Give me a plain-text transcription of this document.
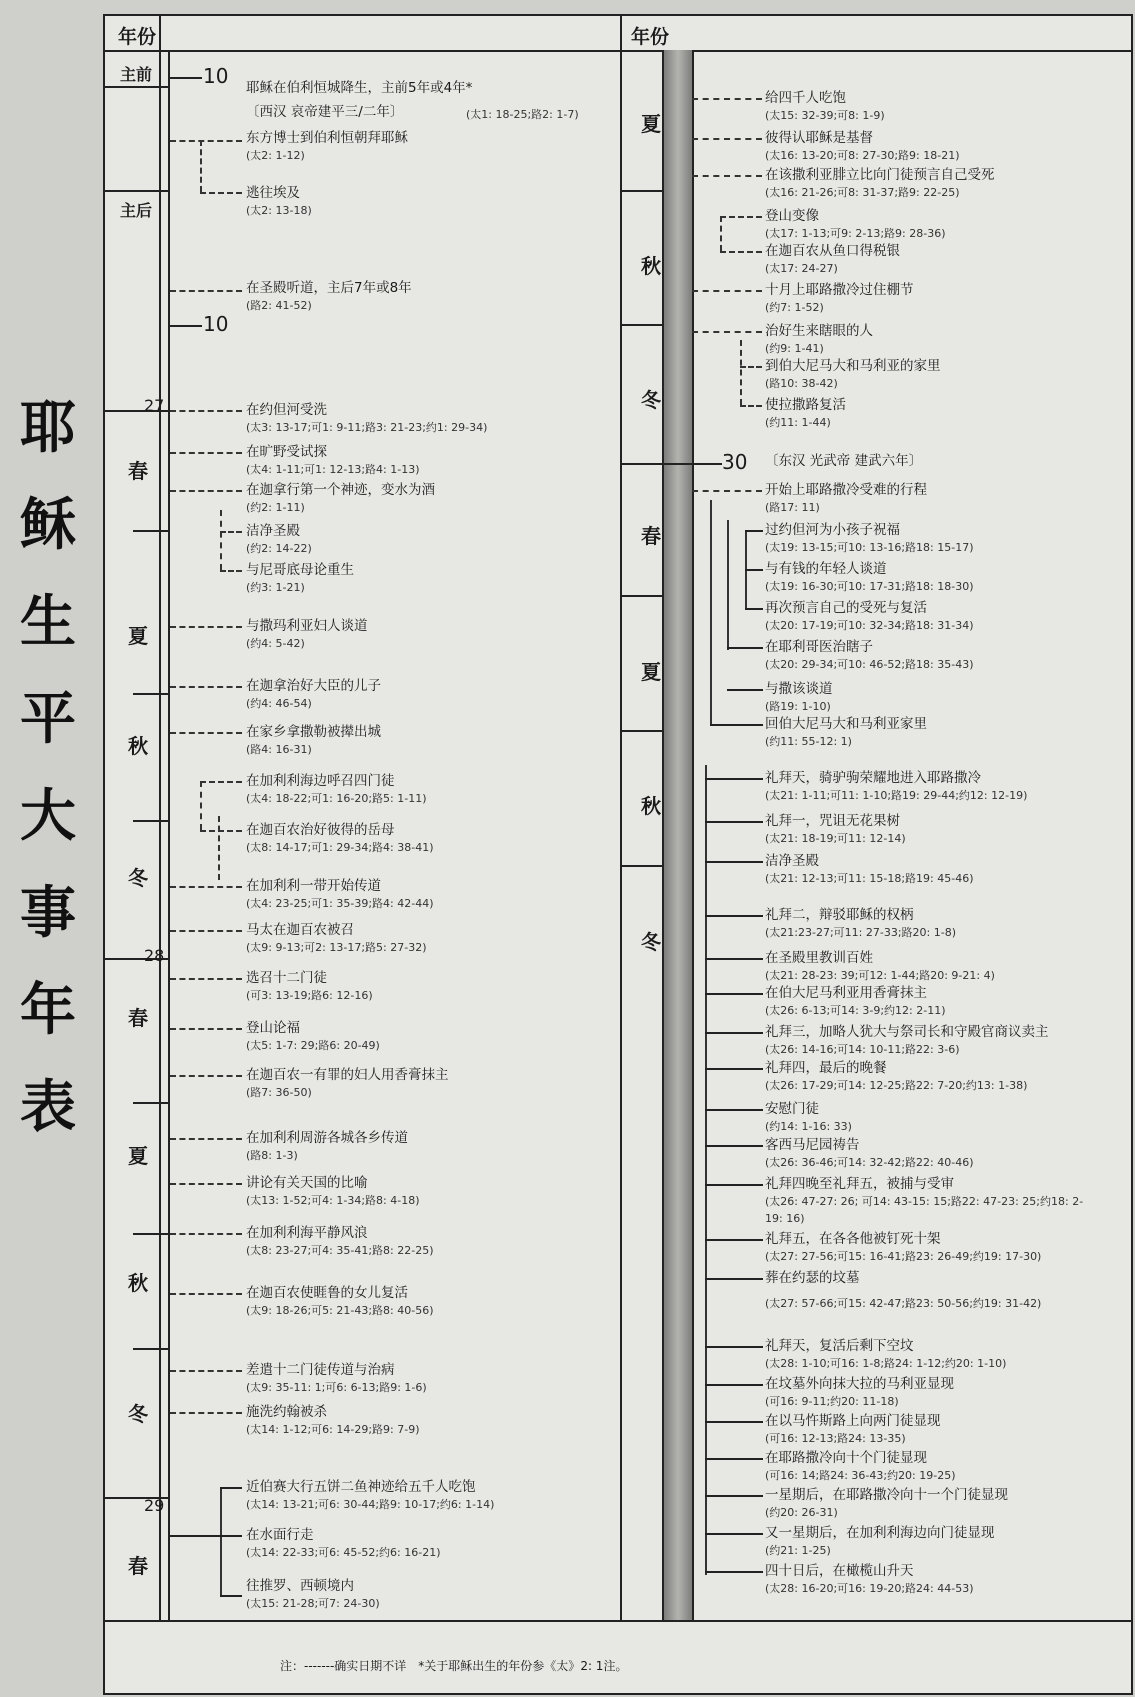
耶
稣
生
平
大
事
年
表
年份	年份
主前
主后
10
10
27
28
29
春
夏
秋
冬
春
夏
秋
冬
春
30
夏
秋
冬
春
夏
秋
冬
耶稣在伯利恒城降生，主前5年或4年*
〔西汉 哀帝建平三/二年〕	(太1: 18-25;路2: 1-7)
东方博士到伯利恒朝拜耶稣
(太2: 1-12)
逃往埃及
(太2: 13-18)
在圣殿听道，主后7年或8年
(路2: 41-52)
在约但河受洗
(太3: 13-17;可1: 9-11;路3: 21-23;约1: 29-34)
在旷野受试探
(太4: 1-11;可1: 12-13;路4: 1-13)
在迦拿行第一个神迹，变水为酒
(约2: 1-11)
洁净圣殿
(约2: 14-22)
与尼哥底母论重生
(约3: 1-21)
与撒玛利亚妇人谈道
(约4: 5-42)
在迦拿治好大臣的儿子
(约4: 46-54)
在家乡拿撒勒被撵出城
(路4: 16-31)
在加利利海边呼召四门徒
(太4: 18-22;可1: 16-20;路5: 1-11)
在迦百农治好彼得的岳母
(太8: 14-17;可1: 29-34;路4: 38-41)
在加利利一带开始传道
(太4: 23-25;可1: 35-39;路4: 42-44)
马太在迦百农被召
(太9: 9-13;可2: 13-17;路5: 27-32)
选召十二门徒
(可3: 13-19;路6: 12-16)
登山论福
(太5: 1-7: 29;路6: 20-49)
在迦百农一有罪的妇人用香膏抹主
(路7: 36-50)
在加利利周游各城各乡传道
(路8: 1-3)
讲论有关天国的比喻
(太13: 1-52;可4: 1-34;路8: 4-18)
在加利利海平静风浪
(太8: 23-27;可4: 35-41;路8: 22-25)
在迦百农使睚鲁的女儿复活
(太9: 18-26;可5: 21-43;路8: 40-56)
差遣十二门徒传道与治病
(太9: 35-11: 1;可6: 6-13;路9: 1-6)
施洗约翰被杀
(太14: 1-12;可6: 14-29;路9: 7-9)
近伯赛大行五饼二鱼神迹给五千人吃饱
(太14: 13-21;可6: 30-44;路9: 10-17;约6: 1-14)
在水面行走
(太14: 22-33;可6: 45-52;约6: 16-21)
往推罗、西顿境内
(太15: 21-28;可7: 24-30)
给四千人吃饱
(太15: 32-39;可8: 1-9)
彼得认耶稣是基督
(太16: 13-20;可8: 27-30;路9: 18-21)
在该撒利亚腓立比向门徒预言自己受死
(太16: 21-26;可8: 31-37;路9: 22-25)
登山变像
(太17: 1-13;可9: 2-13;路9: 28-36)
在迦百农从鱼口得税银
(太17: 24-27)
十月上耶路撒冷过住棚节
(约7: 1-52)
治好生来瞎眼的人
(约9: 1-41)
到伯大尼马大和马利亚的家里
(路10: 38-42)
使拉撒路复活
(约11: 1-44)
〔东汉 光武帝 建武六年〕
开始上耶路撒冷受难的行程
(路17: 11)
过约但河为小孩子祝福
(太19: 13-15;可10: 13-16;路18: 15-17)
与有钱的年轻人谈道
(太19: 16-30;可10: 17-31;路18: 18-30)
再次预言自己的受死与复活
(太20: 17-19;可10: 32-34;路18: 31-34)
在耶利哥医治瞎子
(太20: 29-34;可10: 46-52;路18: 35-43)
与撒该谈道
(路19: 1-10)
回伯大尼马大和马利亚家里
(约11: 55-12: 1)
礼拜天，骑驴驹荣耀地进入耶路撒冷
(太21: 1-11;可11: 1-10;路19: 29-44;约12: 12-19)
礼拜一，咒诅无花果树
(太21: 18-19;可11: 12-14)
洁净圣殿
(太21: 12-13;可11: 15-18;路19: 45-46)
礼拜二，辩驳耶稣的权柄
(太21:23-27;可11: 27-33;路20: 1-8)
在圣殿里教训百姓
(太21: 28-23: 39;可12: 1-44;路20: 9-21: 4)
在伯大尼马利亚用香膏抹主
(太26: 6-13;可14: 3-9;约12: 2-11)
礼拜三，加略人犹大与祭司长和守殿官商议卖主
(太26: 14-16;可14: 10-11;路22: 3-6)
礼拜四，最后的晚餐
(太26: 17-29;可14: 12-25;路22: 7-20;约13: 1-38)
安慰门徒
(约14: 1-16: 33)
客西马尼园祷告
(太26: 36-46;可14: 32-42;路22: 40-46)
礼拜四晚至礼拜五，被捕与受审
(太26: 47-27: 26; 可14: 43-15: 15;路22: 47-23: 25;约18: 2-19: 16)
礼拜五，在各各他被钉死十架
(太27: 27-56;可15: 16-41;路23: 26-49;约19: 17-30)
葬在约瑟的坟墓
(太27: 57-66;可15: 42-47;路23: 50-56;约19: 31-42)
礼拜天，复活后剩下空坟
(太28: 1-10;可16: 1-8;路24: 1-12;约20: 1-10)
在坟墓外向抹大拉的马利亚显现
(可16: 9-11;约20: 11-18)
在以马忤斯路上向两门徒显现
(可16: 12-13;路24: 13-35)
在耶路撒冷向十个门徒显现
(可16: 14;路24: 36-43;约20: 19-25)
一星期后，在耶路撒冷向十一个门徒显现
(约20: 26-31)
又一星期后，在加利利海边向门徒显现
(约21: 1-25)
四十日后，在橄榄山升天
(太28: 16-20;可16: 19-20;路24: 44-53)
注：-------确实日期不详　*关于耶稣出生的年份参《太》2: 1注。
